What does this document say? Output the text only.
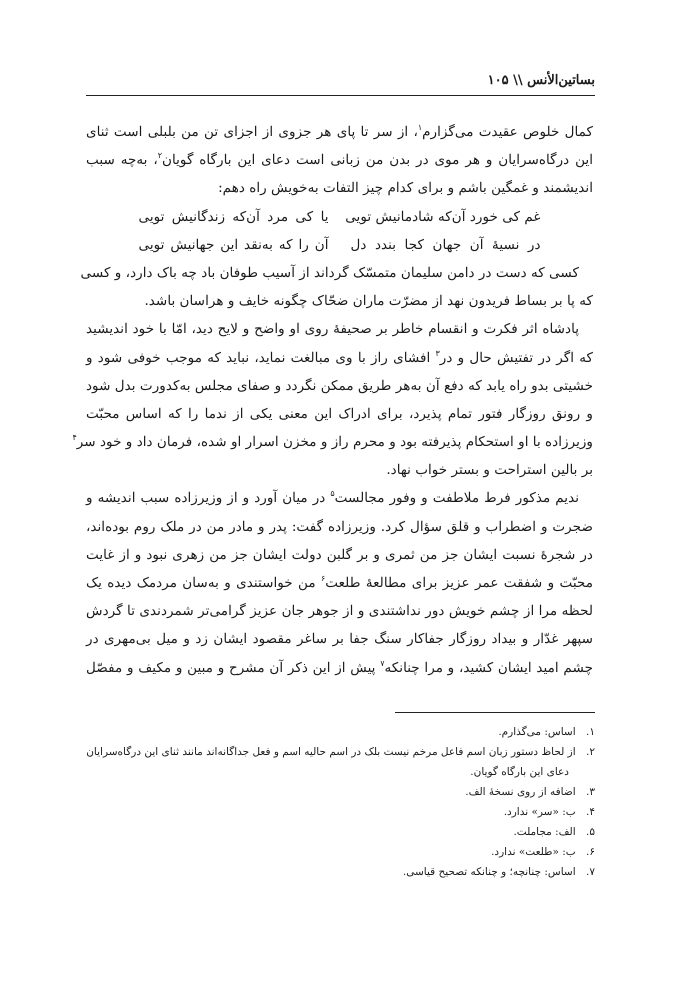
بساتین‌الأنس \\ ۱۰۵
کمال خلوص عقیدت می‌گزارم$^۱$، از سر تا پای هر جزوی از اجزای تن من بلبلی است ثنای
این درگاه‌سرایان و هر موی در بدن من زبانی است دعای این بارگاه گویان$^۲$، به‌چه سبب
اندیشمند و غمگین باشم و برای کدام چیز التفات به‌خویش راه دهم:
غم کی خورد آن‌که شادمانیش تویی
یا کی مرد آن‌که زندگانیش تویی
در نسیهٔ آن جهان کجا بندد دل
آن را که به‌نقد این جهانیش تویی
کسی که دست در دامن سلیمان متمسّک گرداند از آسیب طوفان باد چه باک دارد، و کسی
که پا بر بساط فریدون نهد از مضرّت ماران ضحّاک چگونه خایف و هراسان باشد.
پادشاه اثر فکرت و انقسام خاطر بر صحیفهٔ روی او واضح و لایح دید، امّا با خود اندیشید
که اگر در تفتیش حال و در$^۳$ افشای راز با وی مبالغت نماید، نباید که موجب خوفی شود و
خشیتی بدو راه یابد که دفع آن به‌هر طریق ممکن نگردد و صفای مجلس به‌کدورت بدل شود
و رونق روزگار فتور تمام پذیرد، برای ادراک این معنی یکی از ندما را که اساس محبّت
وزیرزاده با او استحکام پذیرفته بود و محرم راز و مخزن اسرار او شده، فرمان داد و خود سر$^۴$
بر بالین استراحت و بستر خواب نهاد.
ندیم مذکور فرط ملاطفت و وفور مجالست$^۵$ در میان آورد و از وزیرزاده سبب اندیشه و
ضجرت و اضطراب و قلق سؤال کرد. وزیرزاده گفت: پدر و مادر من در ملک روم بوده‌اند،
در شجرهٔ نسبت ایشان جز من ثمری و بر گلبن دولت ایشان جز من زهری نبود و از غایت
محبّت و شفقت عمر عزیز برای مطالعهٔ طلعت$^۶$ من خواستندی و به‌سان مردمک دیده یک
لحظه مرا از چشم خویش دور نداشتندی و از جوهر جان عزیز گرامی‌تر شمردندی تا گردش
سپهر غدّار و بیداد روزگار جفاکار سنگ جفا بر ساغر مقصود ایشان زد و میل بی‌مهری در
چشم امید ایشان کشید، و مرا چنانکه$^۷$ پیش از این ذکر آن مشرح و مبین و مکیف و مفصّل
۱. اساس: می‌گذارم.
۲. از لحاظ دستور زبان اسم فاعل مرخم نیست بلک در اسم حالیه اسم و فعل جداگانه‌اند مانند ثنای این درگاه‌سرایان
دعای این بارگاه گویان.
۳. اضافه از روی نسخهٔ الف.
۴. ب: «سر» ندارد.
۵. الف: مجاملت.
۶. ب: «طلعت» ندارد.
۷. اساس: چنانچه؛ و چنانکه تصحیح قیاسی.
